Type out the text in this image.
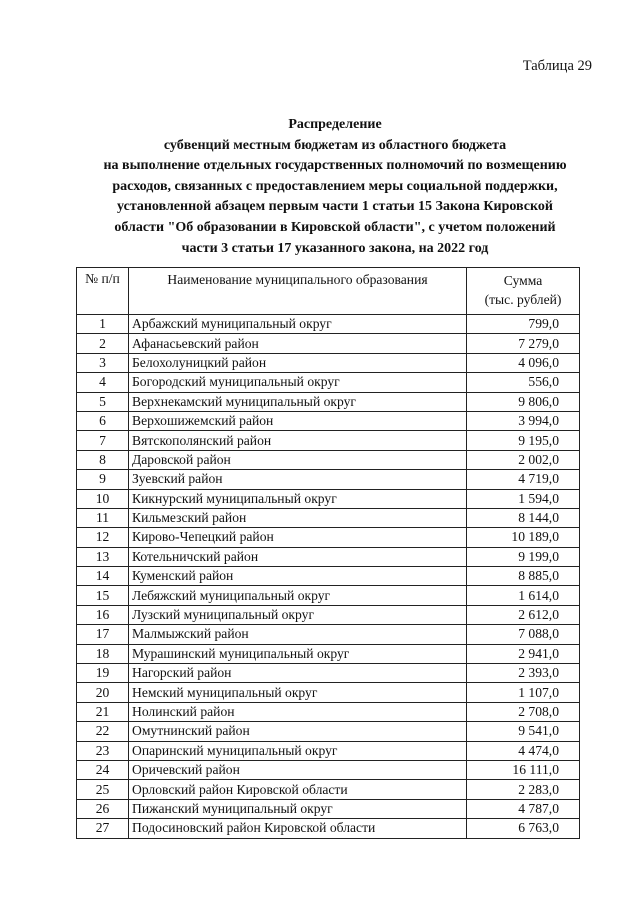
Таблица 29
Распределение
субвенций местным бюджетам из областного бюджета
на выполнение отдельных государственных полномочий по возмещению
расходов, связанных с предоставлением меры социальной поддержки,
установленной абзацем первым части 1 статьи 15 Закона Кировской
области "Об образовании в Кировской области", с учетом положений
части 3 статьи 17 указанного закона, на 2022 год
№ п/п	Наименование муниципального образования	Сумма
(тыс. рублей)

1	Арбажский муниципальный округ	799,0
2	Афанасьевский район	7 279,0
3	Белохолуницкий район	4 096,0
4	Богородский муниципальный округ	556,0
5	Верхнекамский муниципальный округ	9 806,0
6	Верхошижемский район	3 994,0
7	Вятскополянский район	9 195,0
8	Даровской район	2 002,0
9	Зуевский район	4 719,0
10	Кикнурский муниципальный округ	1 594,0
11	Кильмезский район	8 144,0
12	Кирово-Чепецкий район	10 189,0
13	Котельничский район	9 199,0
14	Куменский район	8 885,0
15	Лебяжский муниципальный округ	1 614,0
16	Лузский муниципальный округ	2 612,0
17	Малмыжский район	7 088,0
18	Мурашинский муниципальный округ	2 941,0
19	Нагорский район	2 393,0
20	Немский муниципальный округ	1 107,0
21	Нолинский район	2 708,0
22	Омутнинский район	9 541,0
23	Опаринский муниципальный округ	4 474,0
24	Оричевский район	16 111,0
25	Орловский район Кировской области	2 283,0
26	Пижанский муниципальный округ	4 787,0
27	Подосиновский район Кировской области	6 763,0
